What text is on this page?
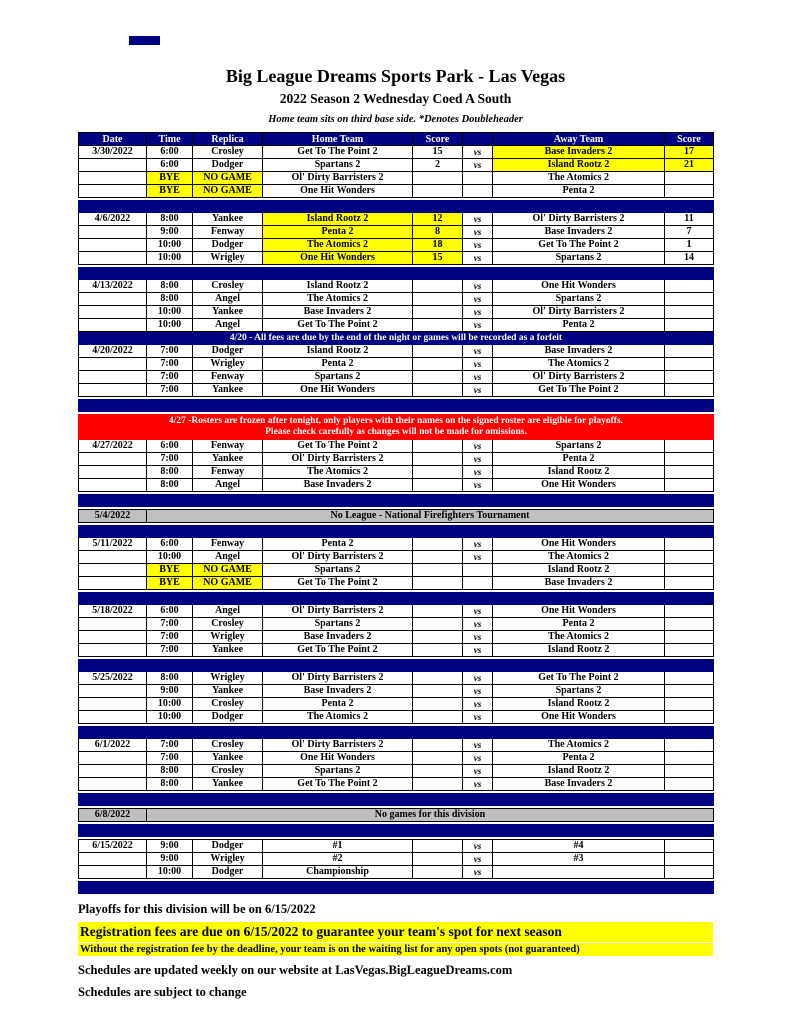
Big League Dreams Sports Park - Las Vegas
2022 Season 2 Wednesday Coed A South
Home team sits on third base side. *Denotes Doubleheader
Date	Time	Replica	Home Team	Score		Away Team	Score
3/30/2022	6:00	Crosley	Get To The Point 2	15	vs	Base Invaders 2	17
	6:00	Dodger	Spartans 2	2	vs	Island Rootz 2	21
	BYE	NO GAME	Ol' Dirty Barristers 2			The Atomics 2	
	BYE	NO GAME	One Hit Wonders			Penta 2	

4/6/2022	8:00	Yankee	Island Rootz 2	12	vs	Ol' Dirty Barristers 2	11
	9:00	Fenway	Penta 2	8	vs	Base Invaders 2	7
	10:00	Dodger	The Atomics 2	18	vs	Get To The Point 2	1
	10:00	Wrigley	One Hit Wonders	15	vs	Spartans 2	14

4/13/2022	8:00	Crosley	Island Rootz 2		vs	One Hit Wonders	
	8:00	Angel	The Atomics 2		vs	Spartans 2	
	10:00	Yankee	Base Invaders 2		vs	Ol' Dirty Barristers 2	
	10:00	Angel	Get To The Point 2		vs	Penta 2	
4/20 - All fees are due by the end of the night or games will be recorded as a forfeit							
4/20/2022	7:00	Dodger	Island Rootz 2		vs	Base Invaders 2	
	7:00	Wrigley	Penta 2		vs	The Atomics 2	
	7:00	Fenway	Spartans 2		vs	Ol' Dirty Barristers 2	
	7:00	Yankee	One Hit Wonders		vs	Get To The Point 2	

4/27 -Rosters are frozen after tonight, only players with their names on the signed roster are eligible for playoffs.
Please check carefully as changes will not be made for omissions.							

4/27/2022	6:00	Fenway	Get To The Point 2		vs	Spartans 2	
	7:00	Yankee	Ol' Dirty Barristers 2		vs	Penta 2	
	8:00	Fenway	The Atomics 2		vs	Island Rootz 2	
	8:00	Angel	Base Invaders 2		vs	One Hit Wonders	

5/4/2022	No League - National Firefighters Tournament						

5/11/2022	6:00	Fenway	Penta 2		vs	One Hit Wonders	
	10:00	Angel	Ol' Dirty Barristers 2		vs	The Atomics 2	
	BYE	NO GAME	Spartans 2			Island Rootz 2	
	BYE	NO GAME	Get To The Point 2			Base Invaders 2	

5/18/2022	6:00	Angel	Ol' Dirty Barristers 2		vs	One Hit Wonders	
	7:00	Crosley	Spartans 2		vs	Penta 2	
	7:00	Wrigley	Base Invaders 2		vs	The Atomics 2	
	7:00	Yankee	Get To The Point 2		vs	Island Rootz 2	

5/25/2022	8:00	Wrigley	Ol' Dirty Barristers 2		vs	Get To The Point 2	
	9:00	Yankee	Base Invaders 2		vs	Spartans 2	
	10:00	Crosley	Penta 2		vs	Island Rootz 2	
	10:00	Dodger	The Atomics 2		vs	One Hit Wonders	

6/1/2022	7:00	Crosley	Ol' Dirty Barristers 2		vs	The Atomics 2	
	7:00	Yankee	One Hit Wonders		vs	Penta 2	
	8:00	Crosley	Spartans 2		vs	Island Rootz 2	
	8:00	Yankee	Get To The Point 2		vs	Base Invaders 2	

6/8/2022	No games for this division						

6/15/2022	9:00	Dodger	#1		vs	#4	
	9:00	Wrigley	#2		vs	#3	
	10:00	Dodger	Championship		vs		

Playoffs for this division will be on 6/15/2022
Registration fees are due on 6/15/2022 to guarantee your team's spot for next season
Without the registration fee by the deadline, your team is on the waiting list for any open spots (not guaranteed)
Schedules are updated weekly on our website at LasVegas.BigLeagueDreams.com
Schedules are subject to change
